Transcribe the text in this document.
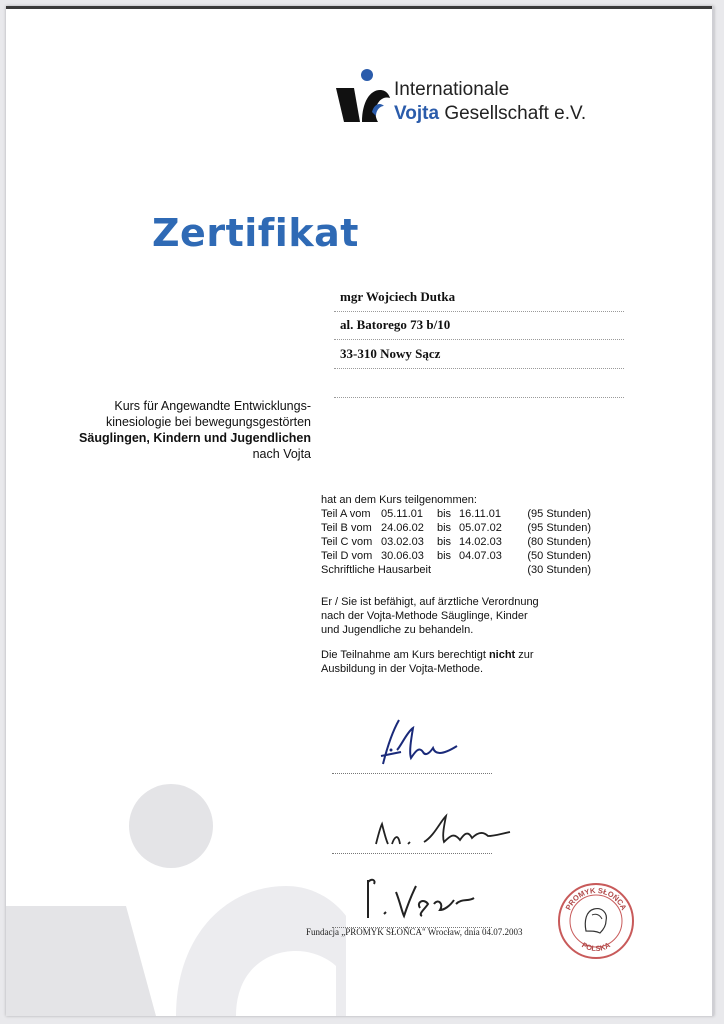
Internationale
Vojta Gesellschaft e.V.
Zertifikat
mgr Wojciech Dutka
al. Batorego 73 b/10
33-310 Nowy Sącz
Kurs für Angewandte Entwicklungs-
kinesiologie bei bewegungsgestörten
Säuglingen, Kindern und Jugendlichen
nach Vojta
hat an dem Kurs teilgenommen:
Teil A vom 05.11.01	bis 16.11.01	(95 Stunden)
Teil B vom 24.06.02	bis 05.07.02	(95 Stunden)
Teil C vom 03.02.03	bis 14.02.03	(80 Stunden)
Teil D vom 30.06.03	bis 04.07.03	(50 Stunden)
Schriftliche Hausarbeit	(30 Stunden)
Er / Sie ist befähigt, auf ärztliche Verordnung
nach der Vojta-Methode Säuglinge, Kinder
und Jugendliche zu behandeln.
Die Teilnahme am Kurs berechtigt nicht zur
Ausbildung in der Vojta-Methode.
Fundacja „PROMYK SŁOŃCA" Wrocław, dnia 04.07.2003
PROMYK SŁOŃCA
POLSKA
